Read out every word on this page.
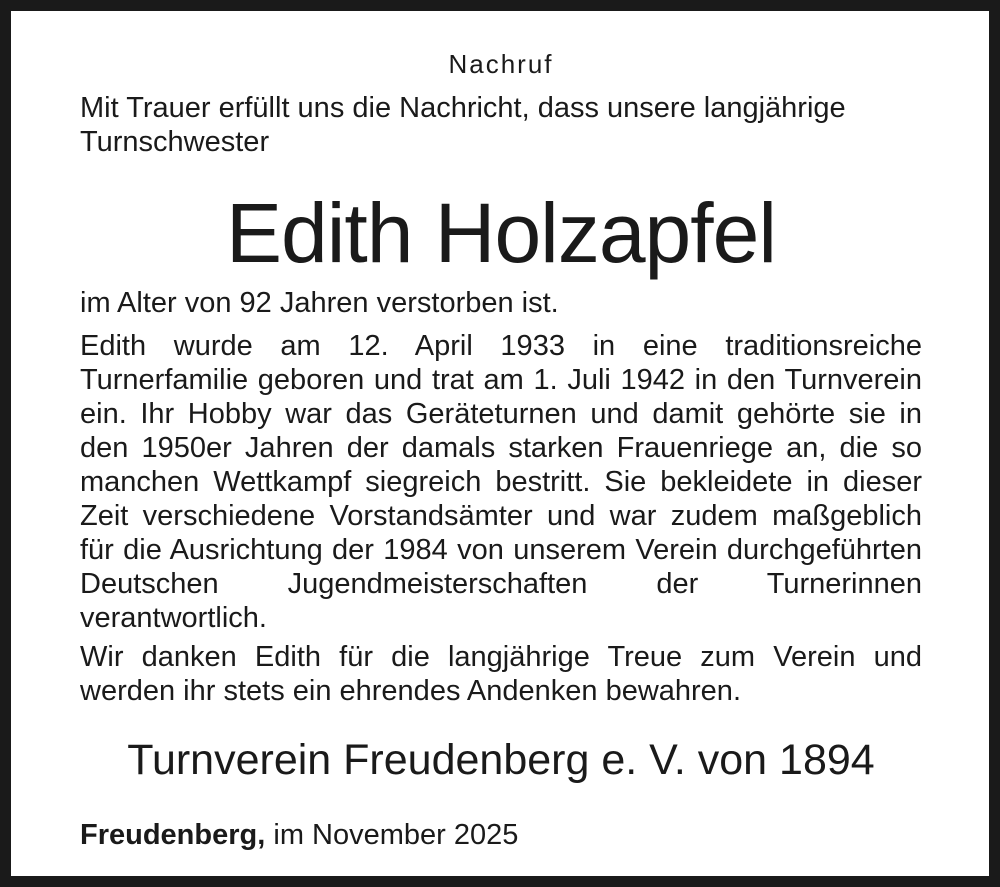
Nachruf

Mit Trauer erfüllt uns die Nachricht, dass unsere langjährige Turnschwester

Edith Holzapfel

im Alter von 92 Jahren verstorben ist.

Edith wurde am 12. April 1933 in eine traditionsreiche Turnerfamilie geboren und trat am 1. Juli 1942 in den Turnverein ein. Ihr Hobby war das Geräteturnen und damit gehörte sie in den 1950er Jahren der damals starken Frauenriege an, die so manchen Wettkampf siegreich bestritt. Sie bekleidete in dieser Zeit verschiedene Vorstandsämter und war zudem maßgeblich für die Ausrichtung der 1984 von unserem Verein durchgeführten Deutschen Jugendmeisterschaften der Turnerinnen verantwortlich.

Wir danken Edith für die langjährige Treue zum Verein und werden ihr stets ein ehrendes Andenken bewahren.

Turnverein Freudenberg e. V. von 1894
Freudenberg, im November 2025
